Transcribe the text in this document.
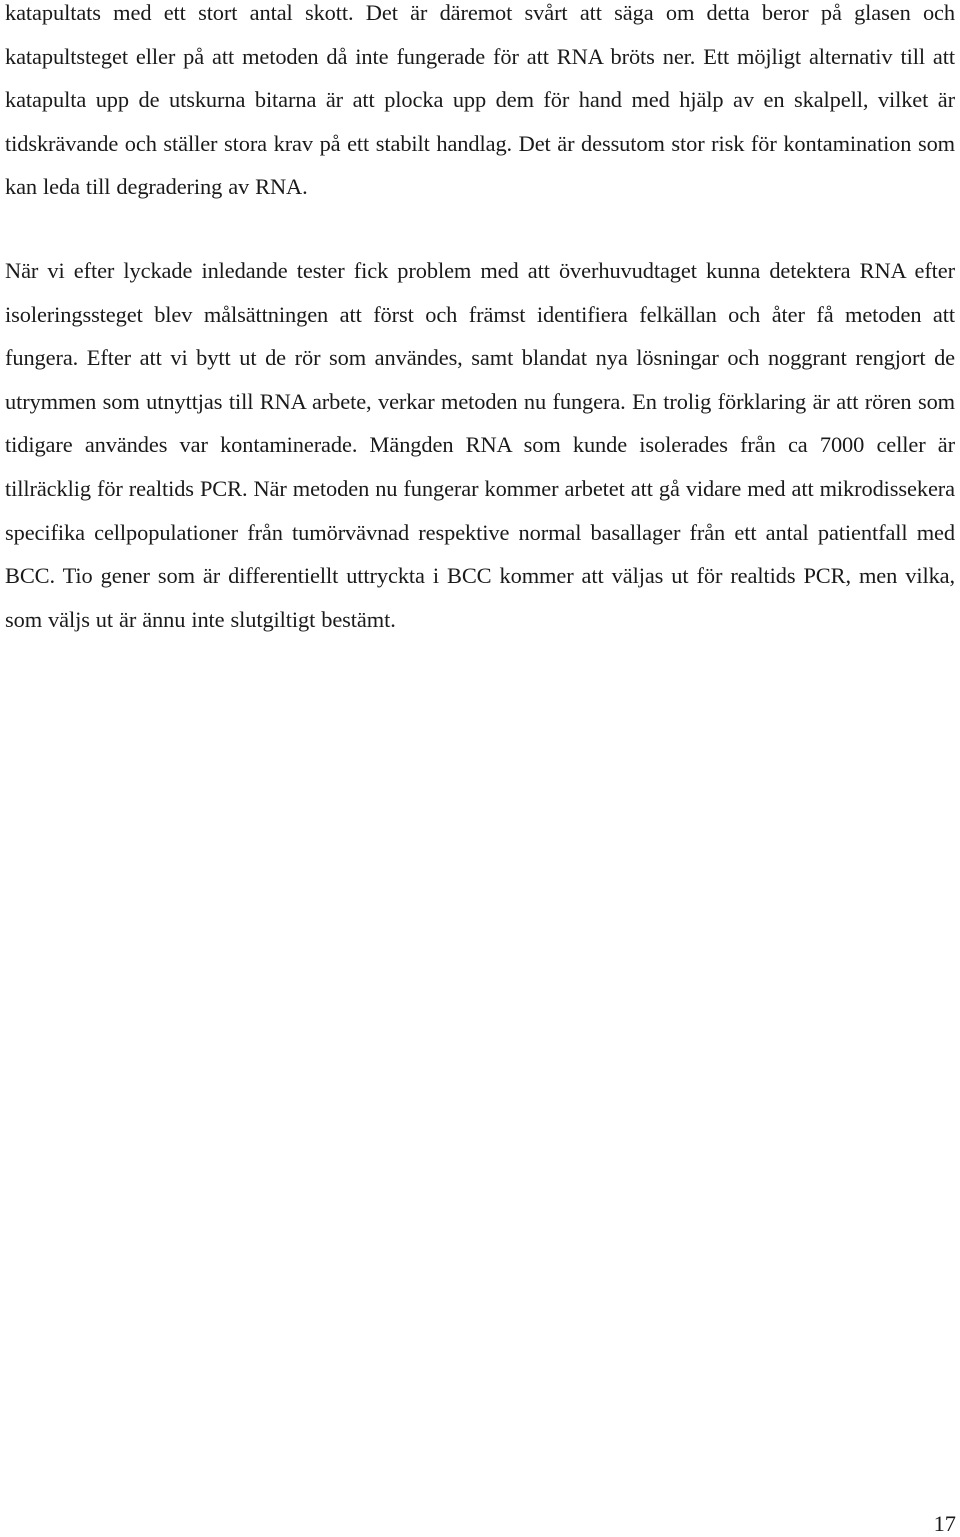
katapultats med ett stort antal skott. Det är däremot svårt att säga om detta beror på glasen och katapultsteget eller på att metoden då inte fungerade för att RNA bröts ner. Ett möjligt alternativ till att katapulta upp de utskurna bitarna är att plocka upp dem för hand med hjälp av en skalpell, vilket är tidskrävande och ställer stora krav på ett stabilt handlag. Det är dessutom stor risk för kontamination som kan leda till degradering av RNA.

När vi efter lyckade inledande tester fick problem med att överhuvudtaget kunna detektera RNA efter isoleringssteget blev målsättningen att först och främst identifiera felkällan och åter få metoden att fungera. Efter att vi bytt ut de rör som användes, samt blandat nya lösningar och noggrant rengjort de utrymmen som utnyttjas till RNA arbete, verkar metoden nu fungera. En trolig förklaring är att rören som tidigare användes var kontaminerade. Mängden RNA som kunde isolerades från ca 7000 celler är tillräcklig för realtids PCR. När metoden nu fungerar kommer arbetet att gå vidare med att mikrodissekera specifika cellpopulationer från tumörvävnad respektive normal basallager från ett antal patientfall med BCC. Tio gener som är differentiellt uttryckta i BCC kommer att väljas ut för realtids PCR, men vilka, som väljs ut är ännu inte slutgiltigt bestämt.

17
